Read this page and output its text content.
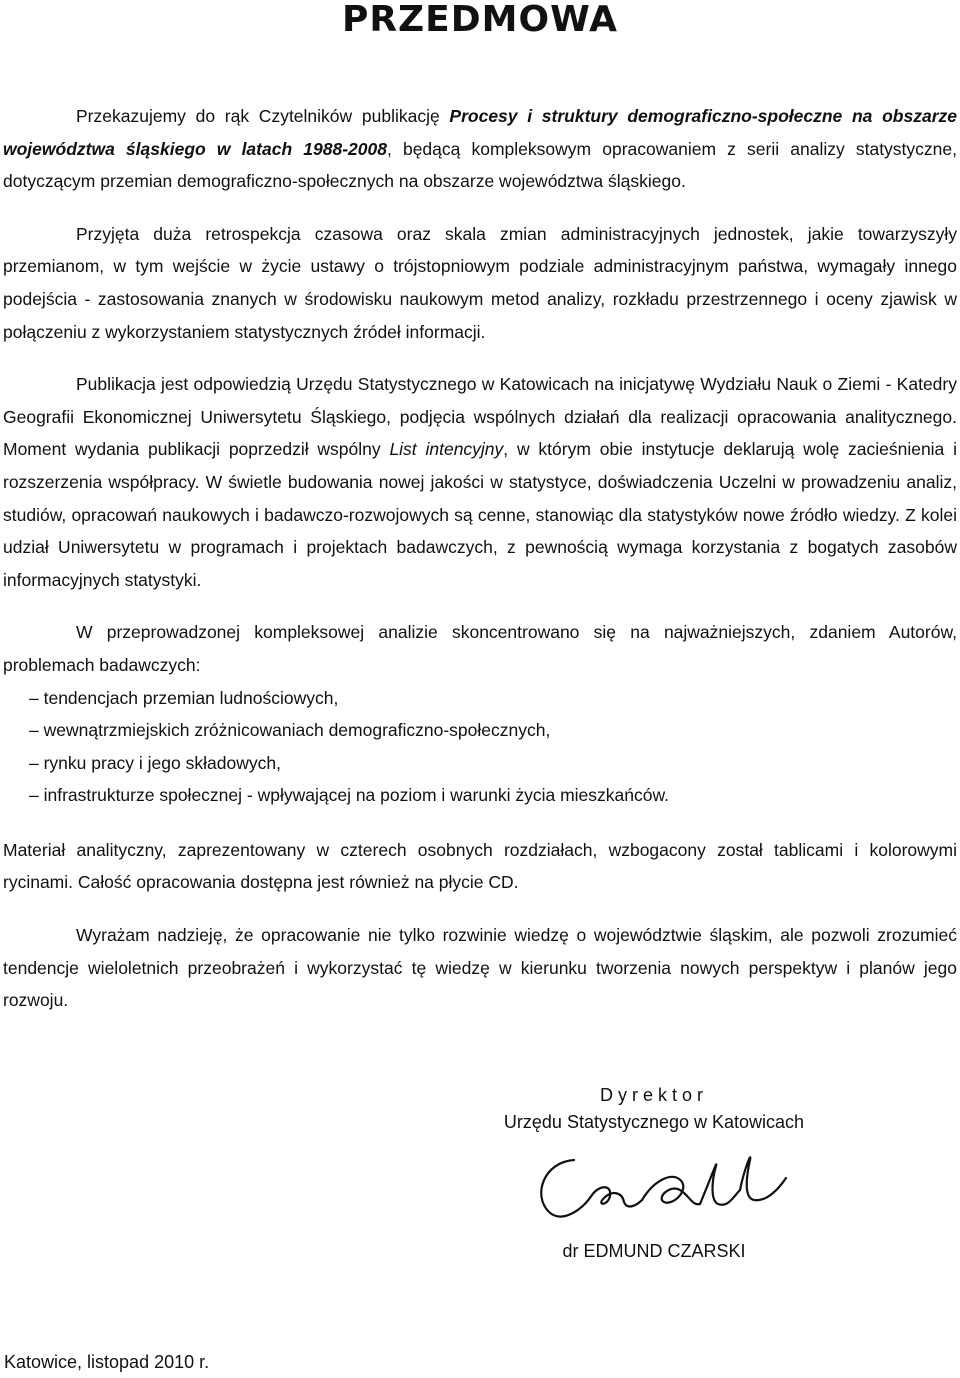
PRZEDMOWA

Przekazujemy do rąk Czytelników publikację Procesy i struktury demograficzno-społeczne na obszarze województwa śląskiego w latach 1988-2008, będącą kompleksowym opracowaniem z serii analizy statystyczne, dotyczącym przemian demograficzno-społecznych na obszarze województwa śląskiego.

Przyjęta duża retrospekcja czasowa oraz skala zmian administracyjnych jednostek, jakie towarzyszyły przemianom, w tym wejście w życie ustawy o trójstopniowym podziale administracyjnym państwa, wymagały innego podejścia - zastosowania znanych w środowisku naukowym metod analizy, rozkładu przestrzennego i oceny zjawisk w połączeniu z wykorzystaniem statystycznych źródeł informacji.

Publikacja jest odpowiedzią Urzędu Statystycznego w Katowicach na inicjatywę Wydziału Nauk o Ziemi - Katedry Geografii Ekonomicznej Uniwersytetu Śląskiego, podjęcia wspólnych działań dla realizacji opracowania analitycznego. Moment wydania publikacji poprzedził wspólny List intencyjny, w którym obie instytucje deklarują wolę zacieśnienia i rozszerzenia współpracy. W świetle budowania nowej jakości w statystyce, doświadczenia Uczelni w prowadzeniu analiz, studiów, opracowań naukowych i badawczo-rozwojowych są cenne, stanowiąc dla statystyków nowe źródło wiedzy. Z kolei udział Uniwersytetu w programach i projektach badawczych, z pewnością wymaga korzystania z bogatych zasobów informacyjnych statystyki.

W przeprowadzonej kompleksowej analizie skoncentrowano się na najważniejszych, zdaniem Autorów, problemach badawczych:

– tendencjach przemian ludnościowych,
– wewnątrzmiejskich zróżnicowaniach demograficzno-społecznych,
– rynku pracy i jego składowych,
– infrastrukturze społecznej - wpływającej na poziom i warunki życia mieszkańców.

Materiał analityczny, zaprezentowany w czterech osobnych rozdziałach, wzbogacony został tablicami i kolorowymi rycinami. Całość opracowania dostępna jest również na płycie CD.

Wyrażam nadzieję, że opracowanie nie tylko rozwinie wiedzę o województwie śląskim, ale pozwoli zrozumieć tendencje wieloletnich przeobrażeń i wykorzystać tę wiedzę w kierunku tworzenia nowych perspektyw i planów jego rozwoju.

Dyrektor
Urzędu Statystycznego w Katowicach
dr EDMUND CZARSKI
Katowice, listopad 2010 r.
